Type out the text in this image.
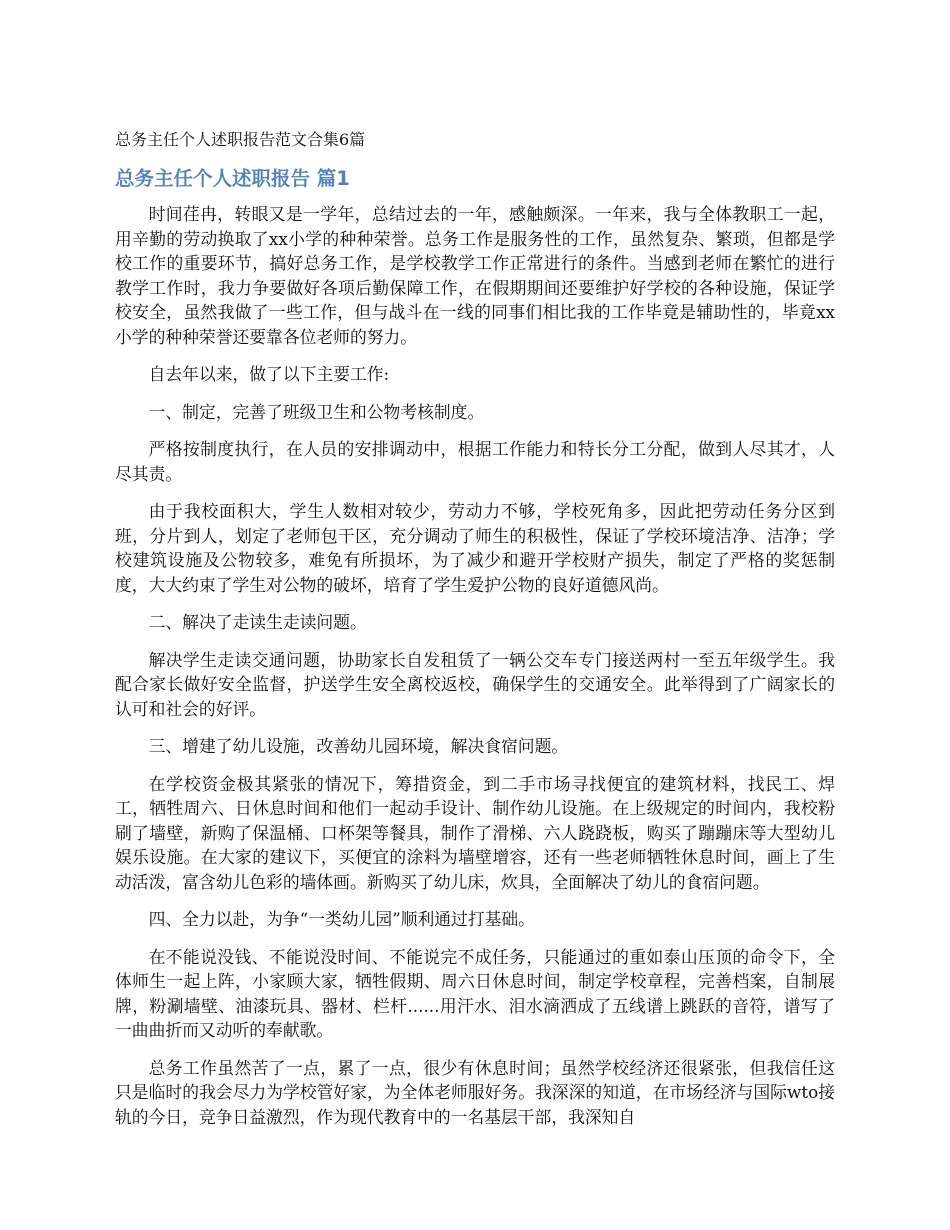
总务主任个人述职报告范文合集6篇
总务主任个人述职报告 篇1

时间荏冉，转眼又是一学年，总结过去的一年，感触颇深。一年来，我与全体教职工一起，用辛勤的劳动换取了xx小学的种种荣誉。总务工作是服务性的工作，虽然复杂、繁琐，但都是学校工作的重要环节，搞好总务工作，是学校教学工作正常进行的条件。当感到老师在繁忙的进行教学工作时，我力争要做好各项后勤保障工作，在假期期间还要维护好学校的各种设施，保证学校安全，虽然我做了一些工作，但与战斗在一线的同事们相比我的工作毕竟是辅助性的，毕竟xx小学的种种荣誉还要靠各位老师的努力。

自去年以来，做了以下主要工作:

一、制定，完善了班级卫生和公物考核制度。

严格按制度执行，在人员的安排调动中，根据工作能力和特长分工分配，做到人尽其才，人尽其责。

由于我校面积大，学生人数相对较少，劳动力不够，学校死角多，因此把劳动任务分区到班，分片到人，划定了老师包干区，充分调动了师生的积极性，保证了学校环境洁净、洁净；学校建筑设施及公物较多，难免有所损坏，为了减少和避开学校财产损失，制定了严格的奖惩制度，大大约束了学生对公物的破坏，培育了学生爱护公物的良好道德风尚。

二、解决了走读生走读问题。

解决学生走读交通问题，协助家长自发租赁了一辆公交车专门接送两村一至五年级学生。我配合家长做好安全监督，护送学生安全离校返校，确保学生的交通安全。此举得到了广阔家长的认可和社会的好评。

三、增建了幼儿设施，改善幼儿园环境，解决食宿问题。

在学校资金极其紧张的情况下，筹措资金，到二手市场寻找便宜的建筑材料，找民工、焊工，牺牲周六、日休息时间和他们一起动手设计、制作幼儿设施。在上级规定的时间内，我校粉刷了墙壁，新购了保温桶、口杯架等餐具，制作了滑梯、六人跷跷板，购买了蹦蹦床等大型幼儿娱乐设施。在大家的建议下，买便宜的涂料为墙壁增容，还有一些老师牺牲休息时间，画上了生动活泼，富含幼儿色彩的墙体画。新购买了幼儿床，炊具，全面解决了幼儿的食宿问题。

四、全力以赴，为争“一类幼儿园”顺利通过打基础。

在不能说没钱、不能说没时间、不能说完不成任务，只能通过的重如泰山压顶的命令下，全体师生一起上阵，小家顾大家，牺牲假期、周六日休息时间，制定学校章程，完善档案，自制展牌，粉涮墙壁、油漆玩具、器材、栏杆......用汗水、泪水滴洒成了五线谱上跳跃的音符，谱写了一曲曲折而又动听的奉献歌。

总务工作虽然苦了一点，累了一点，很少有休息时间；虽然学校经济还很紧张，但我信任这只是临时的我会尽力为学校管好家，为全体老师服好务。我深深的知道，在市场经济与国际wto接轨的今日，竞争日益激烈，作为现代教育中的一名基层干部，我深知自
